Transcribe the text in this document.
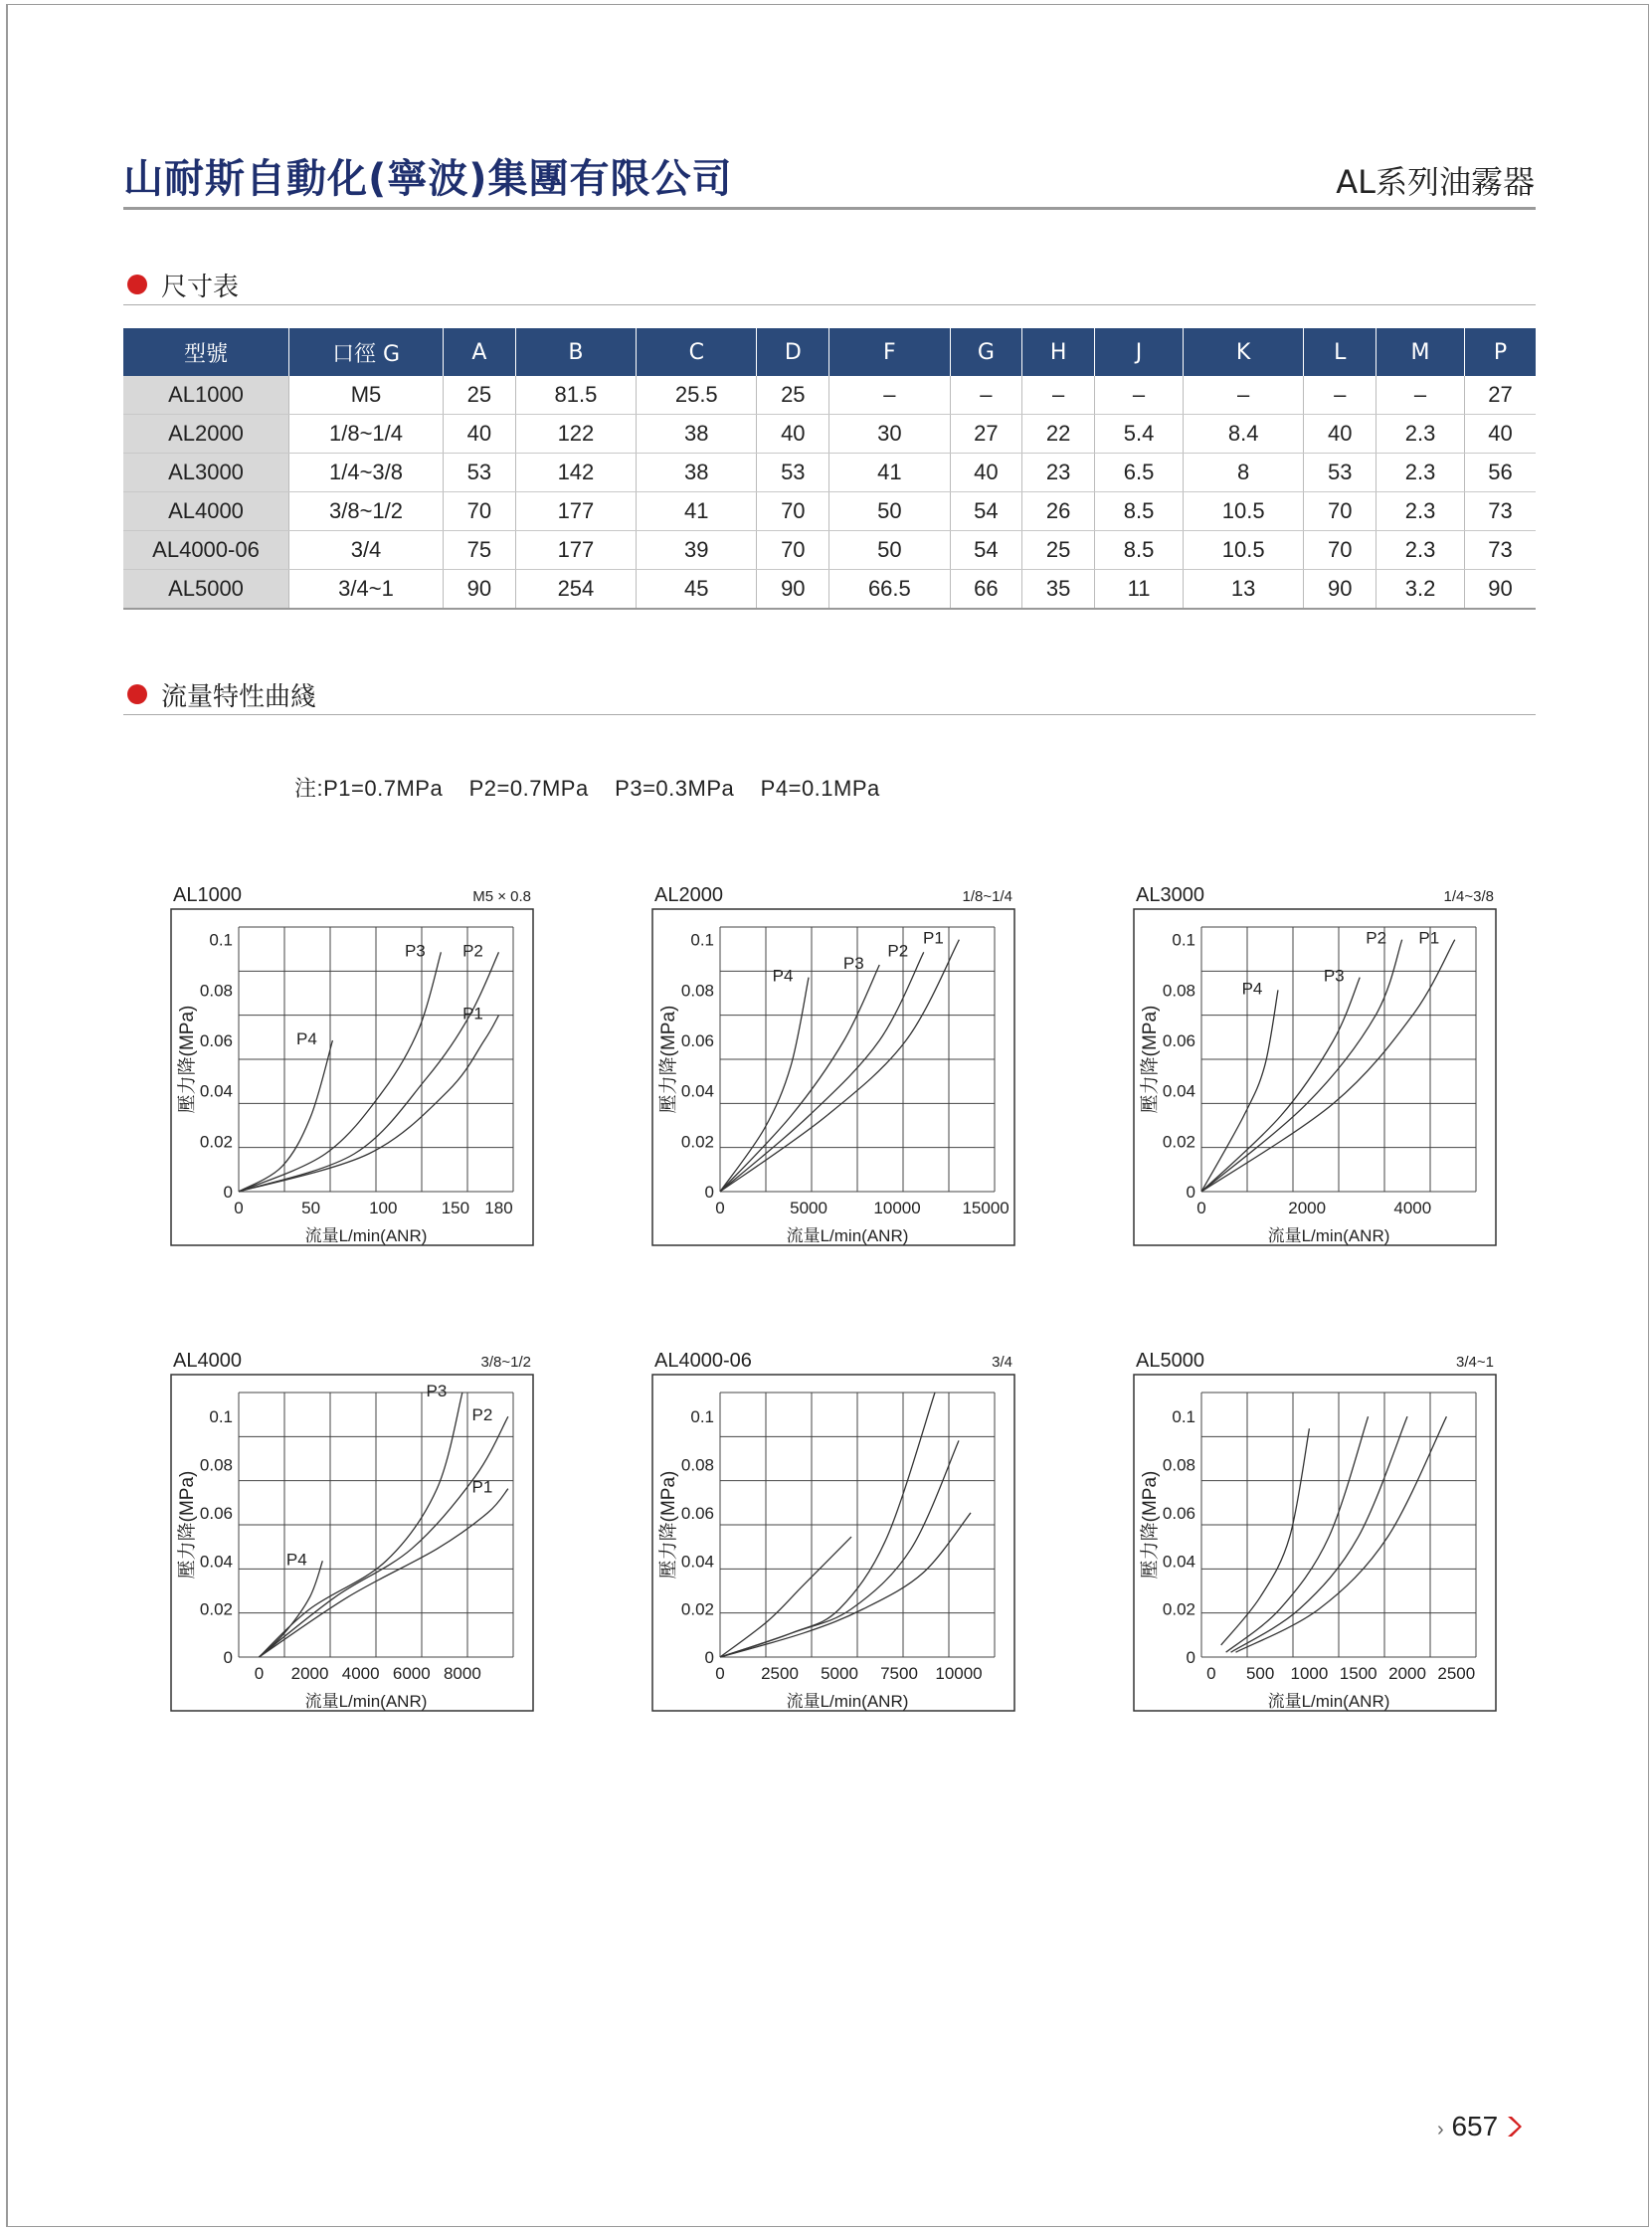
山耐斯自動化(寧波)集團有限公司	AL系列油霧器
尺寸表
型號	口徑 G	A	B	C	D	F	G	H	J	K	L	M	P
AL1000	M5	25	81.5	25.5	25	–	–	–	–	–	–	–	27
AL2000	1/8~1/4	40	122	38	40	30	27	22	5.4	8.4	40	2.3	40
AL3000	1/4~3/8	53	142	38	53	41	40	23	6.5	8	53	2.3	56
AL4000	3/8~1/2	70	177	41	70	50	54	26	8.5	10.5	70	2.3	73
AL4000-06	3/4	75	177	39	70	50	54	25	8.5	10.5	70	2.3	73
AL5000	3/4~1	90	254	45	90	66.5	66	35	11	13	90	3.2	90
流量特性曲綫
注:P1=0.7MPa    P2=0.7MPa    P3=0.3MPa    P4=0.1MPa
AL1000	M5 × 0.8
0	50	100	150 180
0
0.02
0.04
0.06
0.08
0.1
流量L/min(ANR)
壓力降(MPa)	P4
P3 P2
P1
AL2000	1/8~1/4
0	5000	10000 15000
0
0.02
0.04
0.06
0.08
0.1
流量L/min(ANR)
壓力降(MPa)
P4
P3
P2
P1
AL3000	1/4~3/8
0	2000	4000
0
0.02
0.04
0.06
0.08
0.1
流量L/min(ANR)
壓力降(MPa)
P4
P3
P2 P1
AL4000	3/8~1/2
0 2000 4000 6000 8000
0
0.02
0.04
0.06
0.08
0.1
流量L/min(ANR)
壓力降(MPa)	P4
P3
P2
P1
AL4000-06	3/4
0 2500 5000 7500 10000
0
0.02
0.04
0.06
0.08
0.1
流量L/min(ANR)
壓力降(MPa)
AL5000	3/4~1
0 500 1000 1500 2000 2500
0
0.02
0.04
0.06
0.08
0.1
流量L/min(ANR)
壓力降(MPa)
› 657
